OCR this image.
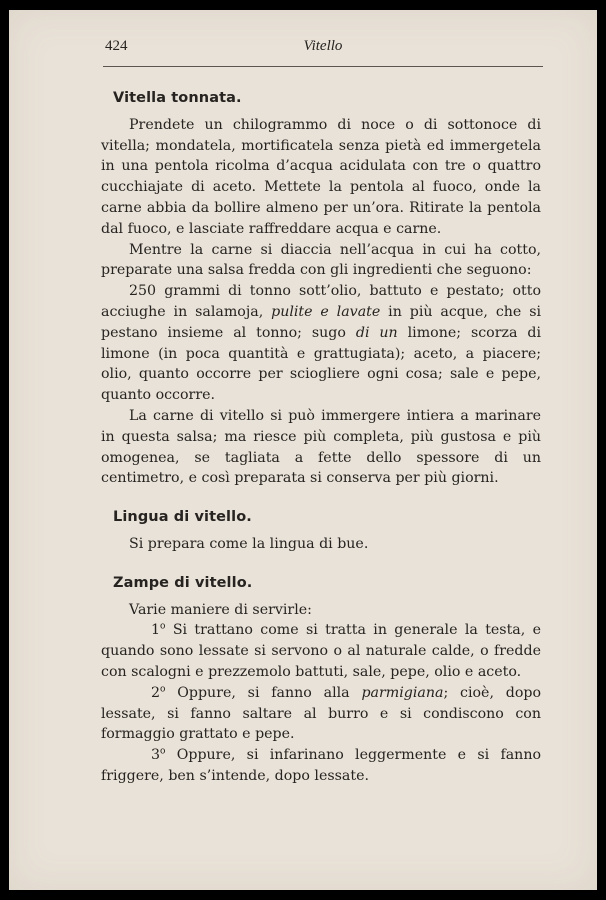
424	Vitello
Vitella tonnata.

Prendete un chilogrammo di noce o di sottonoce di vitella; mondatela, mortificatela senza pietà ed immergetela in una pentola ricolma d’acqua acidulata con tre o quattro cucchiajate di aceto. Mettete la pentola al fuoco, onde la carne abbia da bollire almeno per un’ora. Ritirate la pentola dal fuoco, e lasciate raffreddare acqua e carne.

Mentre la carne si diaccia nell’acqua in cui ha cotto, preparate una salsa fredda con gli ingredienti che seguono:

250 grammi di tonno sott’olio, battuto e pestato; otto acciughe in salamoja, pulite e lavate in più acque, che si pestano insieme al tonno; sugo di un limone; scorza di limone (in poca quantità e grattugiata); aceto, a piacere; olio, quanto occorre per sciogliere ogni cosa; sale e pepe, quanto occorre.

La carne di vitello si può immergere intiera a marinare in questa salsa; ma riesce più completa, più gustosa e più omogenea, se tagliata a fette dello spessore di un centimetro, e così preparata si conserva per più giorni.

Lingua di vitello.

Si prepara come la lingua di bue.

Zampe di vitello.

Varie maniere di servirle:

1$^o$ Si trattano come si tratta in generale la testa, e quando sono lessate si servono o al naturale calde, o fredde con scalogni e prezzemolo battuti, sale, pepe, olio e aceto.

2$^o$ Oppure, si fanno alla parmigiana; cioè, dopo lessate, si fanno saltare al burro e si condiscono con formaggio grattato e pepe.

3$^o$ Oppure, si infarinano leggermente e si fanno friggere, ben s’intende, dopo lessate.
